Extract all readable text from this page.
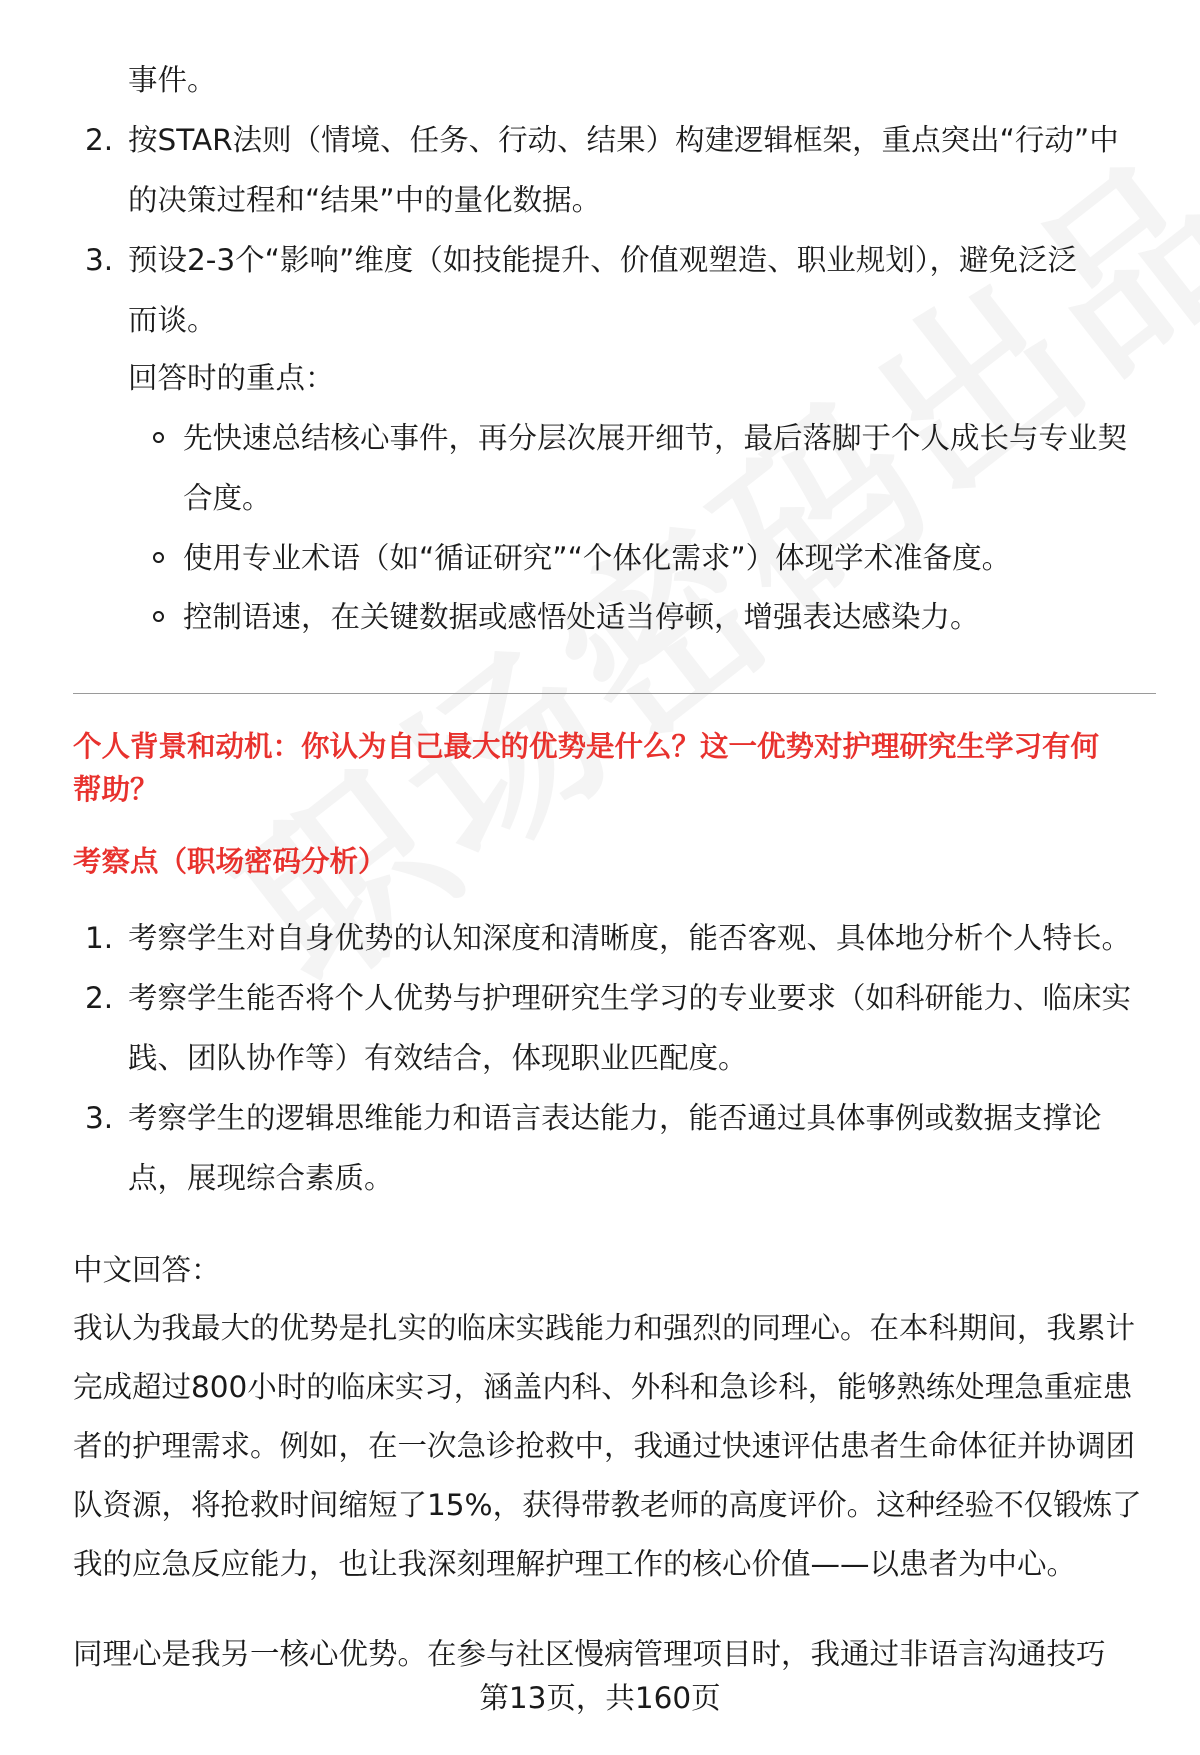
事件。
2. 按STAR法则（情境、任务、行动、结果）构建逻辑框架，重点突出“行动”中
的决策过程和“结果”中的量化数据。
3. 预设2-3个“影响”维度（如技能提升、价值观塑造、职业规划），避免泛泛
而谈。
回答时的重点：
先快速总结核心事件，再分层次展开细节，最后落脚于个人成长与专业契
合度。
使用专业术语（如“循证研究”“个体化需求”）体现学术准备度。
控制语速，在关键数据或感悟处适当停顿，增强表达感染力。
个人背景和动机：你认为自己最大的优势是什么？这一优势对护理研究生学习有何
帮助？
考察点（职场密码分析）
1. 考察学生对自身优势的认知深度和清晰度，能否客观、具体地分析个人特长。
2. 考察学生能否将个人优势与护理研究生学习的专业要求（如科研能力、临床实
践、团队协作等）有效结合，体现职业匹配度。
3. 考察学生的逻辑思维能力和语言表达能力，能否通过具体事例或数据支撑论
点，展现综合素质。
中文回答：
我认为我最大的优势是扎实的临床实践能力和强烈的同理心。在本科期间，我累计
完成超过800小时的临床实习，涵盖内科、外科和急诊科，能够熟练处理急重症患
者的护理需求。例如，在一次急诊抢救中，我通过快速评估患者生命体征并协调团
队资源，将抢救时间缩短了15%，获得带教老师的高度评价。这种经验不仅锻炼了
我的应急反应能力，也让我深刻理解护理工作的核心价值——以患者为中心。
同理心是我另一核心优势。在参与社区慢病管理项目时，我通过非语言沟通技巧
第13页，共160页
